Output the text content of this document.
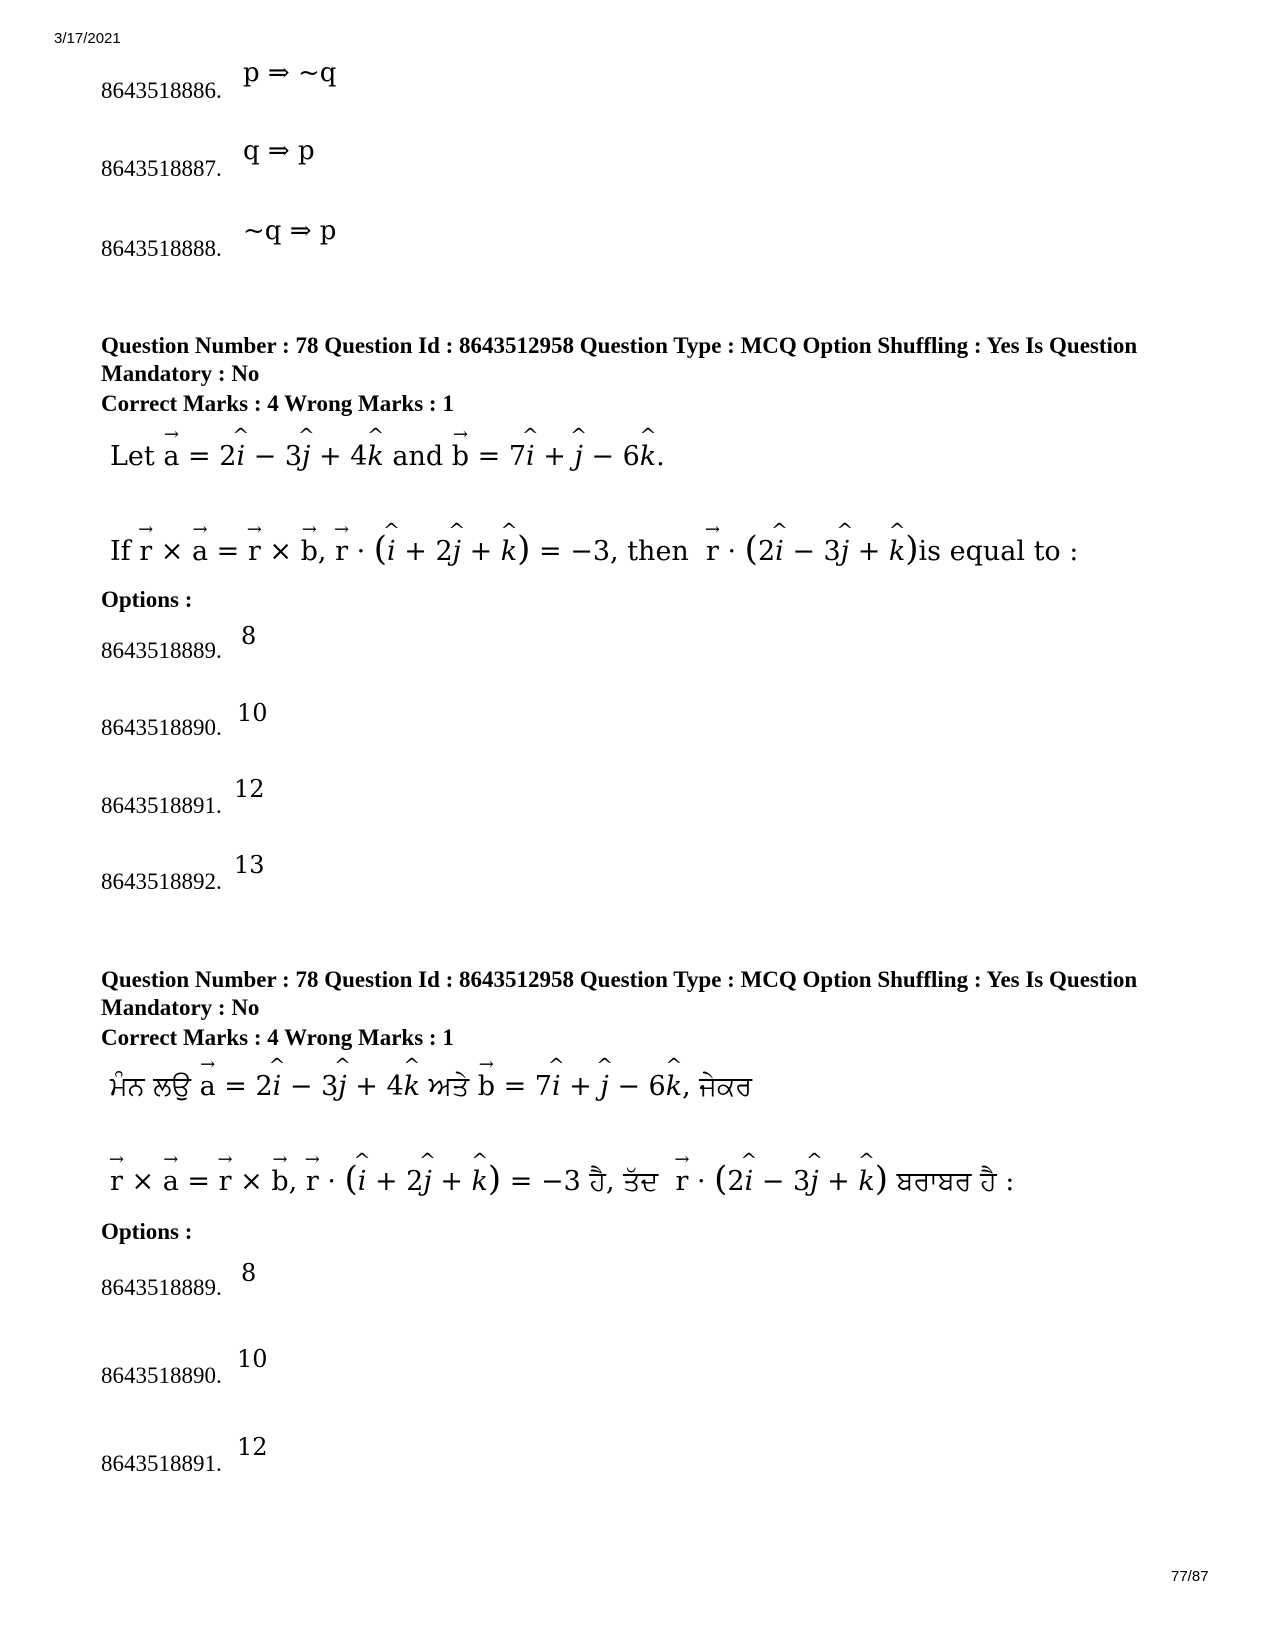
3/17/2021
8643518886.
p ⇒ ~q
8643518887.
q ⇒ p
8643518888.
~q ⇒ p
Question Number : 78 Question Id : 8643512958 Question Type : MCQ Option Shuffling : Yes Is Question Mandatory : No
Correct Marks : 4 Wrong Marks : 1
Let → a = 2^ i − 3^ j + 4^ k and → b = 7^ i + ^ j − 6^ k.
If → r × → a = → r × → b, → r · (^ i + 2^ j + ^ k) = −3, then → r · (2^ i − 3^ j + ^ k)is equal to :
Options :
8643518889.
8
8643518890.
10
8643518891.
12
8643518892.
13
Question Number : 78 Question Id : 8643512958 Question Type : MCQ Option Shuffling : Yes Is Question Mandatory : No
Correct Marks : 4 Wrong Marks : 1
ਮੰਨ ਲਉ → a = 2^ i − 3^ j + 4^ k ਅਤੇ → b = 7^ i + ^ j − 6^ k, ਜੇਕਰ
→ r × → a = → r × → b, → r · (^ i + 2^ j + ^ k) = −3 ਹੈ, ਤੱਦ → r · (2^ i − 3^ j + ^ k) ਬਰਾਬਰ ਹੈ :
Options :
8643518889.
8
8643518890.
10
8643518891.
12
77/87
